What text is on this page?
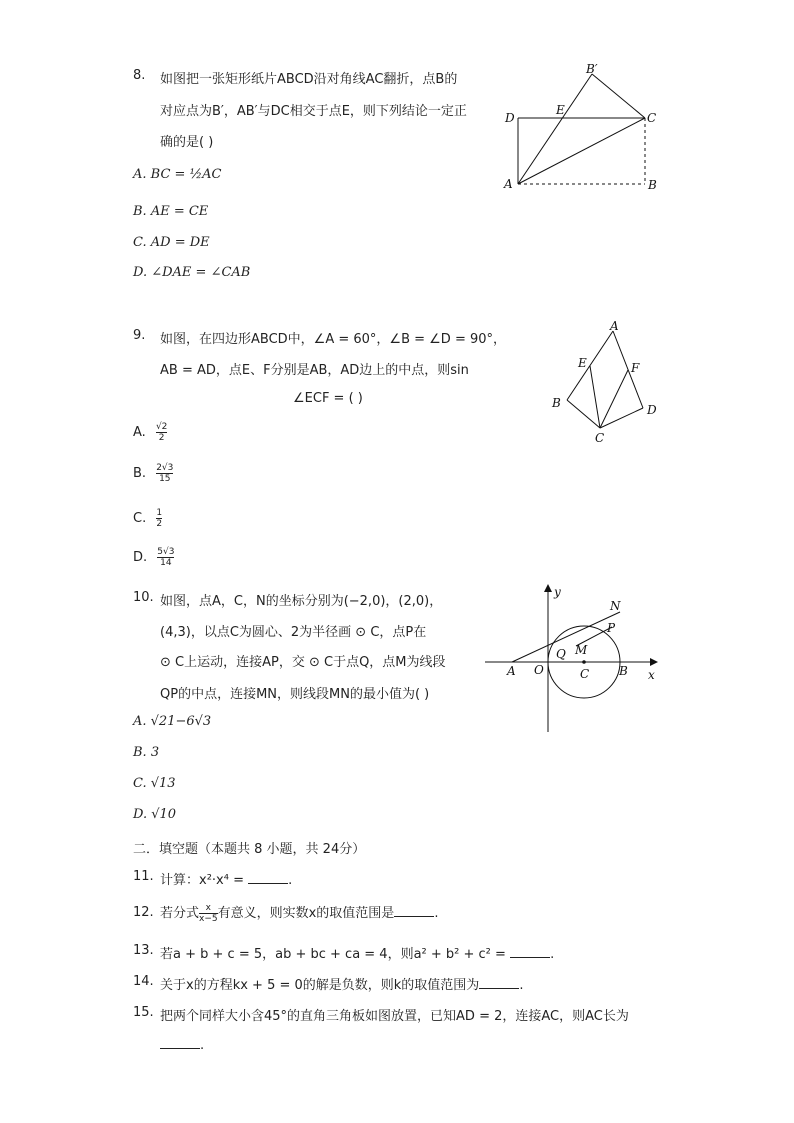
8. 如图把一张矩形纸片ABCD沿对角线AC翻折，点B的
对应点为B′，AB′与DC相交于点E，则下列结论一定正
确的是( )
A. BC = ½AC
B. AE = CE
C. AD = DE
D. ∠DAE = ∠CAB
B′
E
D	C
A	B
9. 如图，在四边形ABCD中，∠A = 60°，∠B = ∠D = 90°，
AB = AD，点E、F分别是AB，AD边上的中点，则sin
∠ECF = ( )
A. $\frac{√2}{2}$
B. $\frac{2√3}{15}$
C. $\frac{1}{2}$
D. $\frac{5√3}{14}$
A
E	F
B	D
C
10. 如图，点A，C，N的坐标分别为(−2,0)，(2,0)，
(4,3)，以点C为圆心、2为半径画 ⊙ C，点P在
⊙ C上运动，连接AP，交 ⊙ C于点Q，点M为线段
QP的中点，连接MN，则线段MN的最小值为( )
A. √21−6√3
B. 3
C. √13
D. √10
y
N
P
Q M
A O	C B x
二．填空题（本题共 8 小题，共 24分）
11. 计算：x²·x⁴ =	.
12. 若分式$\frac{x}{x-5}$ 有意义，则实数x的取值范围是	.
13. 若a + b + c = 5，ab + bc + ca = 4，则a² + b² + c² =	.
14. 关于x的方程kx + 5 = 0的解是负数，则k的取值范围为	.
15. 把两个同样大小含45°的直角三角板如图放置，已知AD = 2，连接AC，则AC长为
.
